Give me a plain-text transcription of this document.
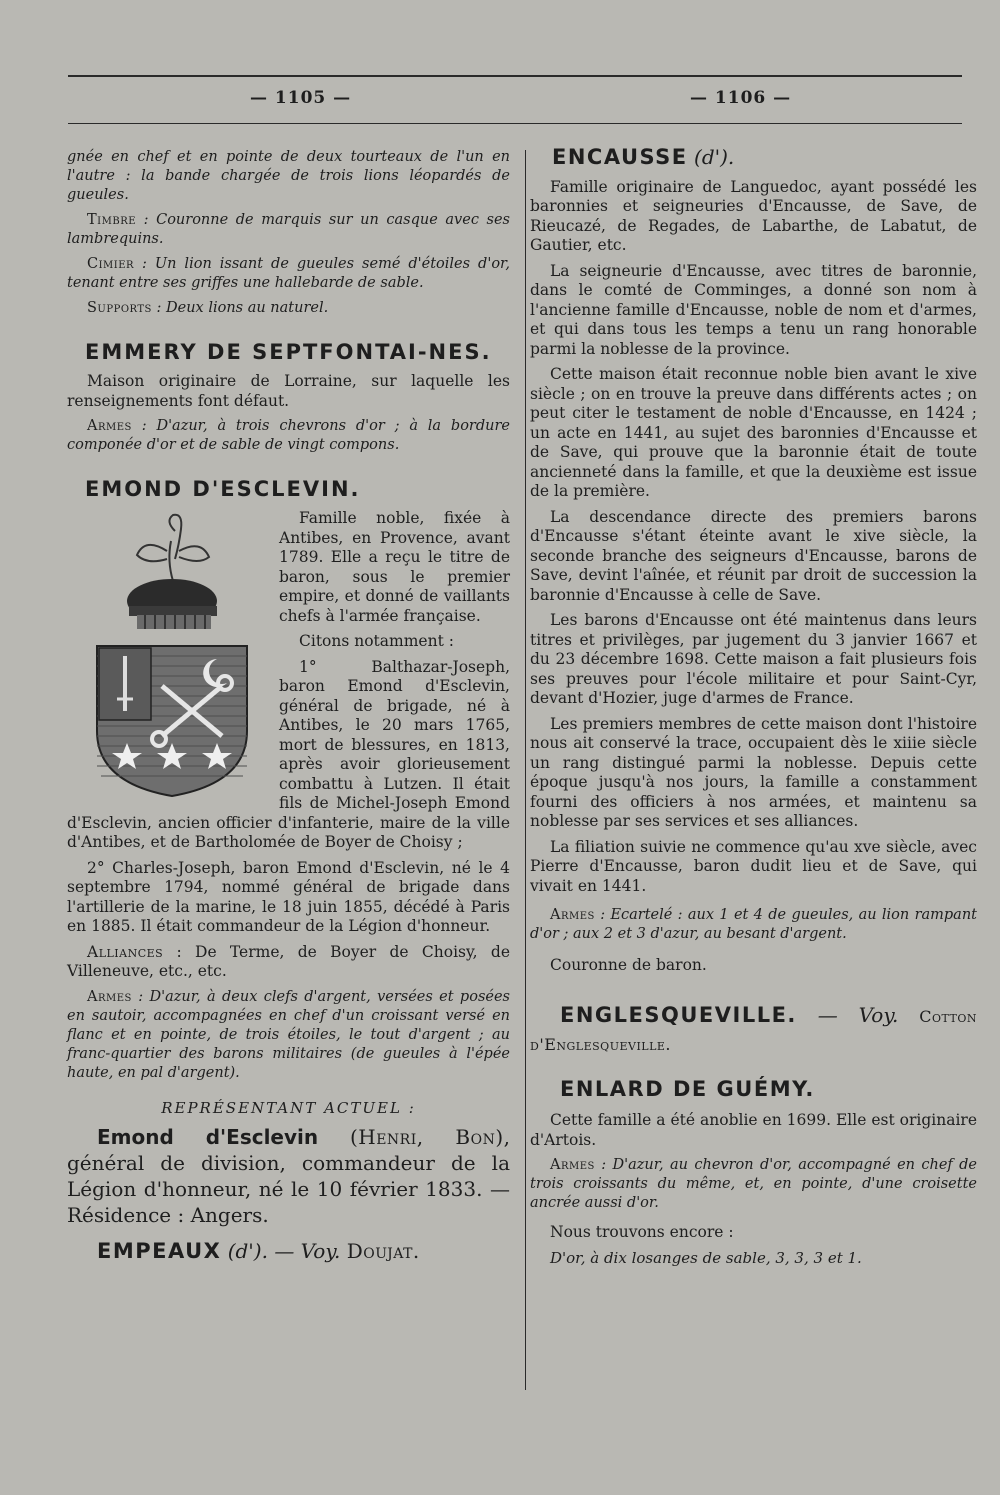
— 1105 —	— 1106 —

gnée en chef et en pointe de deux tourteaux de l'un en l'autre : la bande chargée de trois lions léopardés de gueules.

Timbre : Couronne de marquis sur un casque avec ses lambrequins.

Cimier : Un lion issant de gueules semé d'étoiles d'or, tenant entre ses griffes une hallebarde de sable.

Supports : Deux lions au naturel.

EMMERY DE SEPTFONTAI-NES.

Maison originaire de Lorraine, sur laquelle les renseignements font défaut.

Armes : D'azur, à trois chevrons d'or ; à la bordure componée d'or et de sable de vingt compons.

EMOND D'ESCLEVIN.

Famille noble, fixée à Antibes, en Provence, avant 1789. Elle a reçu le titre de baron, sous le premier empire, et donné de vaillants chefs à l'armée française.

Citons notamment :

1° Balthazar-Joseph, baron Emond d'Esclevin, général de brigade, né à Antibes, le 20 mars 1765, mort de blessures, en 1813, après avoir glorieusement combattu à Lutzen. Il était fils de Michel-Joseph Emond d'Esclevin, ancien officier d'infanterie, maire de la ville d'Antibes, et de Bartholomée de Boyer de Choisy ;

2° Charles-Joseph, baron Emond d'Esclevin, né le 4 septembre 1794, nommé général de brigade dans l'artillerie de la marine, le 18 juin 1855, décédé à Paris en 1885. Il était commandeur de la Légion d'honneur.

Alliances : De Terme, de Boyer de Choisy, de Villeneuve, etc., etc.

Armes : D'azur, à deux clefs d'argent, versées et posées en sautoir, accompagnées en chef d'un croissant versé en flanc et en pointe, de trois étoiles, le tout d'argent ; au franc-quartier des barons militaires (de gueules à l'épée haute, en pal d'argent).

REPRÉSENTANT ACTUEL :

Emond d'Esclevin (Henri, Bon), général de division, commandeur de la Légion d'honneur, né le 10 février 1833. — Résidence : Angers.

EMPEAUX (d'). — Voy. Doujat.

ENCAUSSE (d').

Famille originaire de Languedoc, ayant possédé les baronnies et seigneuries d'Encausse, de Save, de Rieucazé, de Regades, de Labarthe, de Labatut, de Gautier, etc.

La seigneurie d'Encausse, avec titres de baronnie, dans le comté de Comminges, a donné son nom à l'ancienne famille d'Encausse, noble de nom et d'armes, et qui dans tous les temps a tenu un rang honorable parmi la noblesse de la province.

Cette maison était reconnue noble bien avant le xive siècle ; on en trouve la preuve dans différents actes ; on peut citer le testament de noble d'Encausse, en 1424 ; un acte en 1441, au sujet des baronnies d'Encausse et de Save, qui prouve que la baronnie était de toute ancienneté dans la famille, et que la deuxième est issue de la première.

La descendance directe des premiers barons d'Encausse s'étant éteinte avant le xive siècle, la seconde branche des seigneurs d'Encausse, barons de Save, devint l'aînée, et réunit par droit de succession la baronnie d'Encausse à celle de Save.

Les barons d'Encausse ont été maintenus dans leurs titres et privilèges, par jugement du 3 janvier 1667 et du 23 décembre 1698. Cette maison a fait plusieurs fois ses preuves pour l'école militaire et pour Saint-Cyr, devant d'Hozier, juge d'armes de France.

Les premiers membres de cette maison dont l'histoire nous ait conservé la trace, occupaient dès le xiiie siècle un rang distingué parmi la noblesse. Depuis cette époque jusqu'à nos jours, la famille a constamment fourni des officiers à nos armées, et maintenu sa noblesse par ses services et ses alliances.

La filiation suivie ne commence qu'au xve siècle, avec Pierre d'Encausse, baron dudit lieu et de Save, qui vivait en 1441.

Armes : Ecartelé : aux 1 et 4 de gueules, au lion rampant d'or ; aux 2 et 3 d'azur, au besant d'argent.

Couronne de baron.

ENGLESQUEVILLE. — Voy. Cotton d'Englesqueville.

ENLARD DE GUÉMY.

Cette famille a été anoblie en 1699. Elle est originaire d'Artois.

Armes : D'azur, au chevron d'or, accompagné en chef de trois croissants du même, et, en pointe, d'une croisette ancrée aussi d'or.

Nous trouvons encore :

D'or, à dix losanges de sable, 3, 3, 3 et 1.
